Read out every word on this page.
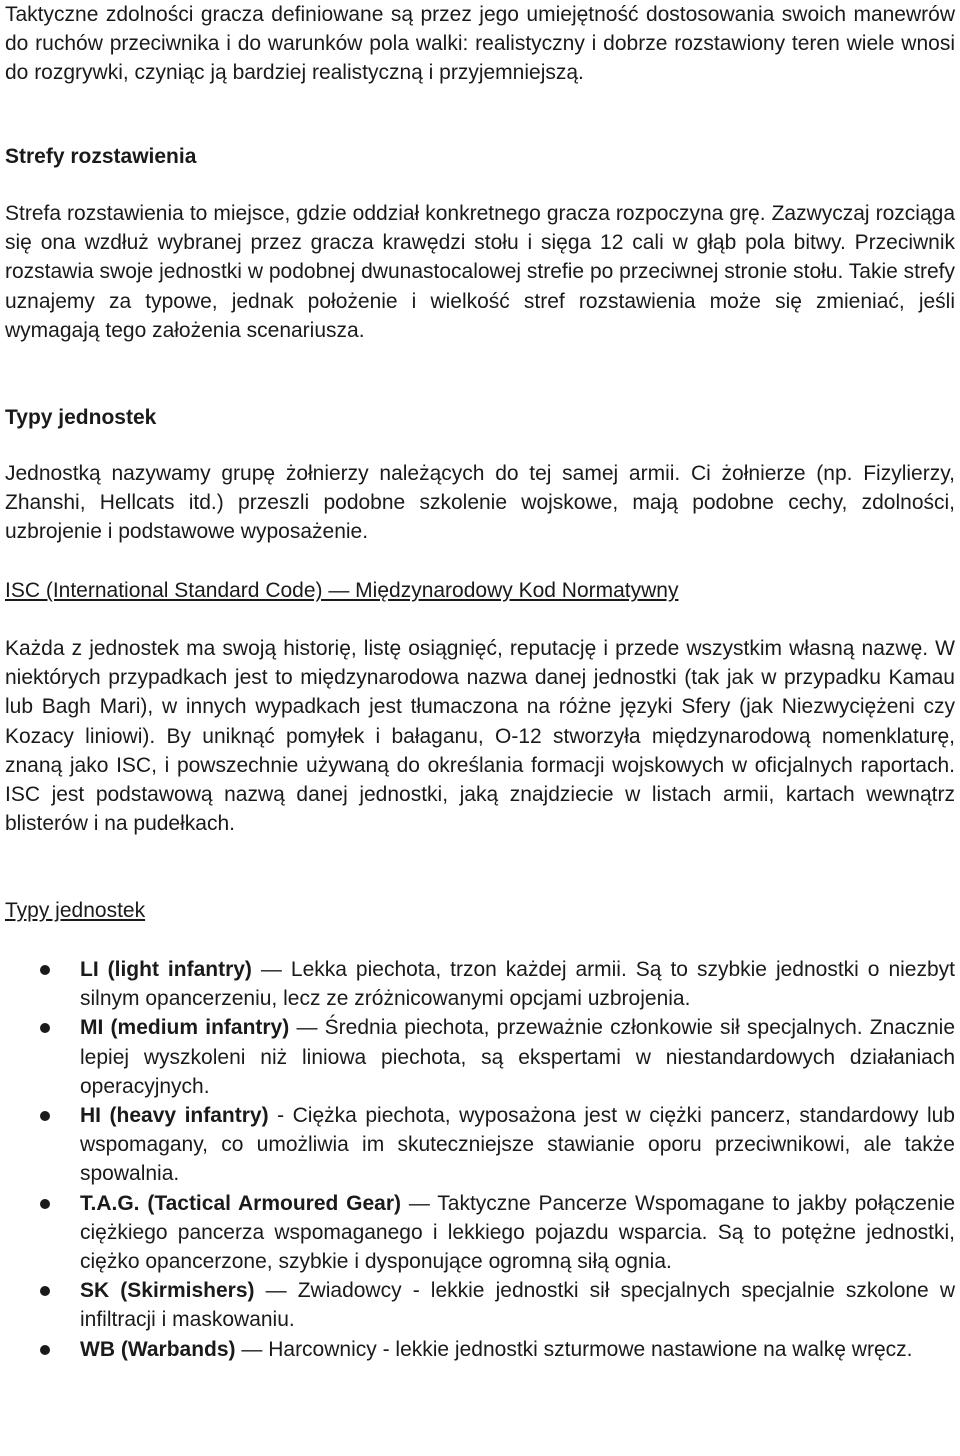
Taktyczne zdolności gracza definiowane są przez jego umiejętność dostosowania swoich manewrów do ruchów przeciwnika i do warunków pola walki: realistyczny i dobrze rozstawiony teren wiele wnosi do rozgrywki, czyniąc ją bardziej realistyczną i przyjemniejszą.

Strefy rozstawienia

Strefa rozstawienia to miejsce, gdzie oddział konkretnego gracza rozpoczyna grę. Zazwyczaj rozciąga się ona wzdłuż wybranej przez gracza krawędzi stołu i sięga 12 cali w głąb pola bitwy. Przeciwnik rozstawia swoje jednostki w podobnej dwunastocalowej strefie po przeciwnej stronie stołu. Takie strefy uznajemy za typowe, jednak położenie i wielkość stref rozstawienia może się zmieniać, jeśli wymagają tego założenia scenariusza.

Typy jednostek

Jednostką nazywamy grupę żołnierzy należących do tej samej armii. Ci żołnierze (np. Fizylierzy, Zhanshi, Hellcats itd.) przeszli podobne szkolenie wojskowe, mają podobne cechy, zdolności, uzbrojenie i podstawowe wyposażenie.

ISC (International Standard Code) — Międzynarodowy Kod Normatywny

Każda z jednostek ma swoją historię, listę osiągnięć, reputację i przede wszystkim własną nazwę. W niektórych przypadkach jest to międzynarodowa nazwa danej jednostki (tak jak w przypadku Kamau lub Bagh Mari), w innych wypadkach jest tłumaczona na różne języki Sfery (jak Niezwyciężeni czy Kozacy liniowi). By uniknąć pomyłek i bałaganu, O-12 stworzyła międzynarodową nomenklaturę, znaną jako ISC, i powszechnie używaną do określania formacji wojskowych w oficjalnych raportach. ISC jest podstawową nazwą danej jednostki, jaką znajdziecie w listach armii, kartach wewnątrz blisterów i na pudełkach.

Typy jednostek

LI (light infantry) — Lekka piechota, trzon każdej armii. Są to szybkie jednostki o niezbyt silnym opancerzeniu, lecz ze zróżnicowanymi opcjami uzbrojenia.
MI (medium infantry) — Średnia piechota, przeważnie członkowie sił specjalnych. Znacznie lepiej wyszkoleni niż liniowa piechota, są ekspertami w niestandardowych działaniach operacyjnych.
HI (heavy infantry) - Ciężka piechota, wyposażona jest w ciężki pancerz, standardowy lub wspomagany, co umożliwia im skuteczniejsze stawianie oporu przeciwnikowi, ale także spowalnia.
T.A.G. (Tactical Armoured Gear) — Taktyczne Pancerze Wspomagane to jakby połączenie ciężkiego pancerza wspomaganego i lekkiego pojazdu wsparcia. Są to potężne jednostki, ciężko opancerzone, szybkie i dysponujące ogromną siłą ognia.
SK (Skirmishers) — Zwiadowcy - lekkie jednostki sił specjalnych specjalnie szkolone w infiltracji i maskowaniu.
WB (Warbands) — Harcownicy - lekkie jednostki szturmowe nastawione na walkę wręcz.
